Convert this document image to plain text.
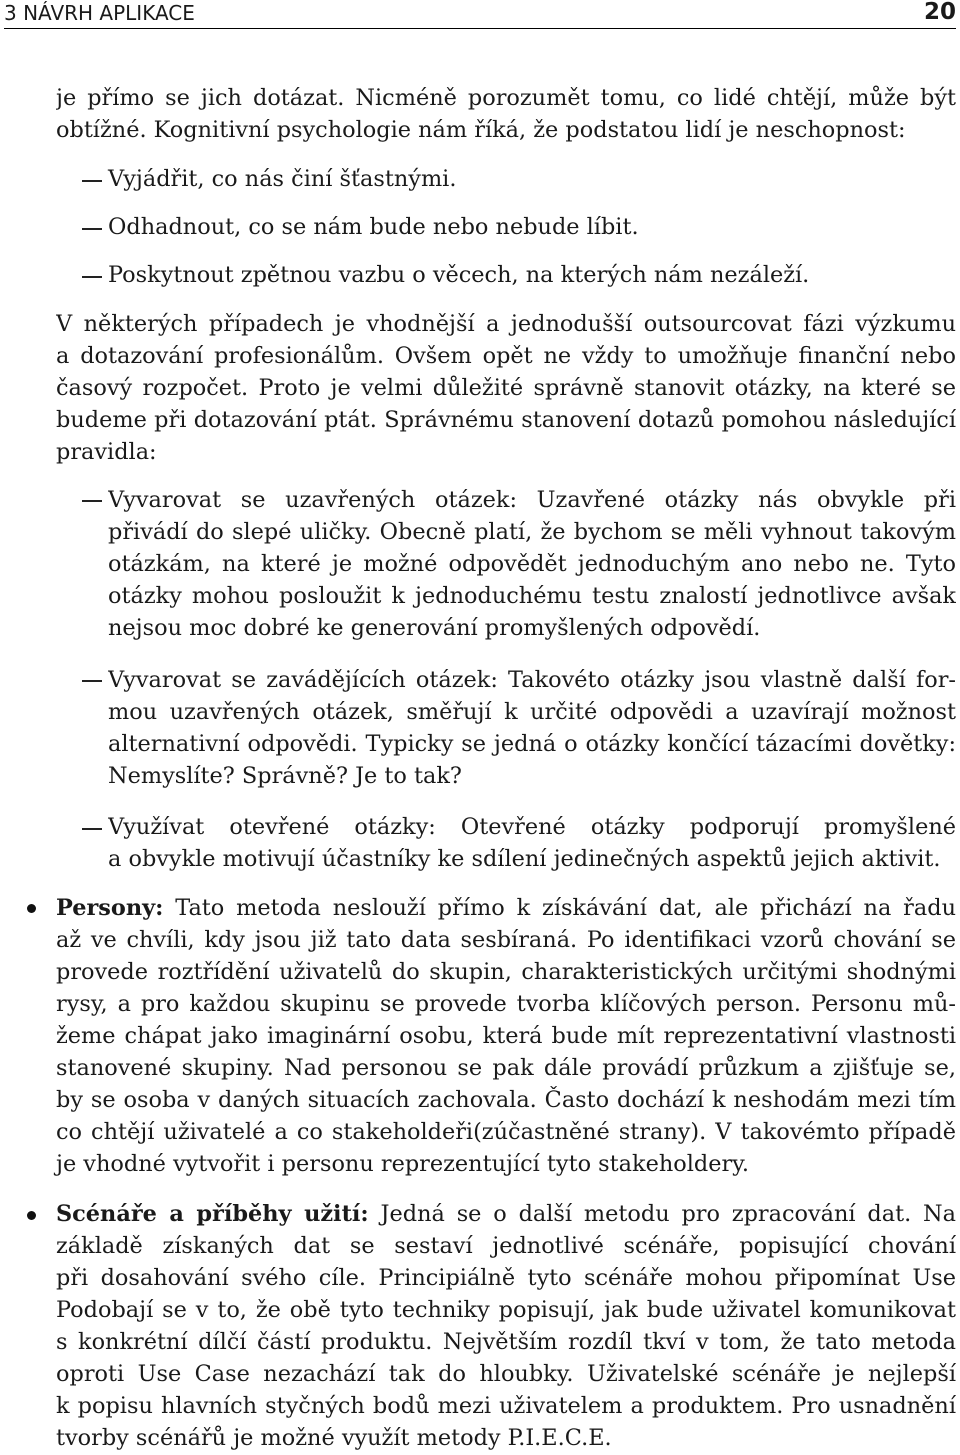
3 NÁVRH APLIKACE	20
je přímo se jich dotázat. Nicméně porozumět tomu, co lidé chtějí, může být
obtížné. Kognitivní psychologie nám říká, že podstatou lidí je neschopnost:
Vyjádřit, co nás činí šťastnými.
Odhadnout, co se nám bude nebo nebude líbit.
Poskytnout zpětnou vazbu o věcech, na kterých nám nezáleží.
V některých případech je vhodnější a jednodušší outsourcovat fázi výzkumu
a dotazování profesionálům. Ovšem opět ne vždy to umožňuje finanční nebo
časový rozpočet. Proto je velmi důležité správně stanovit otázky, na které se
budeme při dotazování ptát. Správnému stanovení dotazů pomohou následující
pravidla:
Vyvarovat se uzavřených otázek: Uzavřené otázky nás obvykle při
přivádí do slepé uličky. Obecně platí, že bychom se měli vyhnout takovým
otázkám, na které je možné odpovědět jednoduchým ano nebo ne. Tyto
otázky mohou posloužit k jednoduchému testu znalostí jednotlivce avšak
nejsou moc dobré ke generování promyšlených odpovědí.
Vyvarovat se zavádějících otázek: Takovéto otázky jsou vlastně další for-
mou uzavřených otázek, směřují k určité odpovědi a uzavírají možnost
alternativní odpovědi. Typicky se jedná o otázky končící tázacími dovětky:
Nemyslíte? Správně? Je to tak?
Využívat otevřené otázky: Otevřené otázky podporují promyšlené
a obvykle motivují účastníky ke sdílení jedinečných aspektů jejich aktivit.
Persony: Tato metoda neslouží přímo k získávání dat, ale přichází na řadu
až ve chvíli, kdy jsou již tato data sesbíraná. Po identifikaci vzorů chování se
provede roztřídění uživatelů do skupin, charakteristických určitými shodnými
rysy, a pro každou skupinu se provede tvorba klíčových person. Personu mů-
žeme chápat jako imaginární osobu, která bude mít reprezentativní vlastnosti
stanovené skupiny. Nad personou se pak dále provádí průzkum a zjišťuje se,
by se osoba v daných situacích zachovala. Často dochází k neshodám mezi tím
co chtějí uživatelé a co stakeholdeři(zúčastněné strany). V takovémto případě
je vhodné vytvořit i personu reprezentující tyto stakeholdery.
Scénáře a příběhy užití: Jedná se o další metodu pro zpracování dat. Na
základě získaných dat se sestaví jednotlivé scénáře, popisující chování
při dosahování svého cíle. Principiálně tyto scénáře mohou připomínat Use
Podobají se v to, že obě tyto techniky popisují, jak bude uživatel komunikovat
s konkrétní dílčí částí produktu. Největším rozdíl tkví v tom, že tato metoda
oproti Use Case nezachází tak do hloubky. Uživatelské scénáře je nejlepší
k popisu hlavních styčných bodů mezi uživatelem a produktem. Pro usnadnění
tvorby scénářů je možné využít metody P.I.E.C.E.
